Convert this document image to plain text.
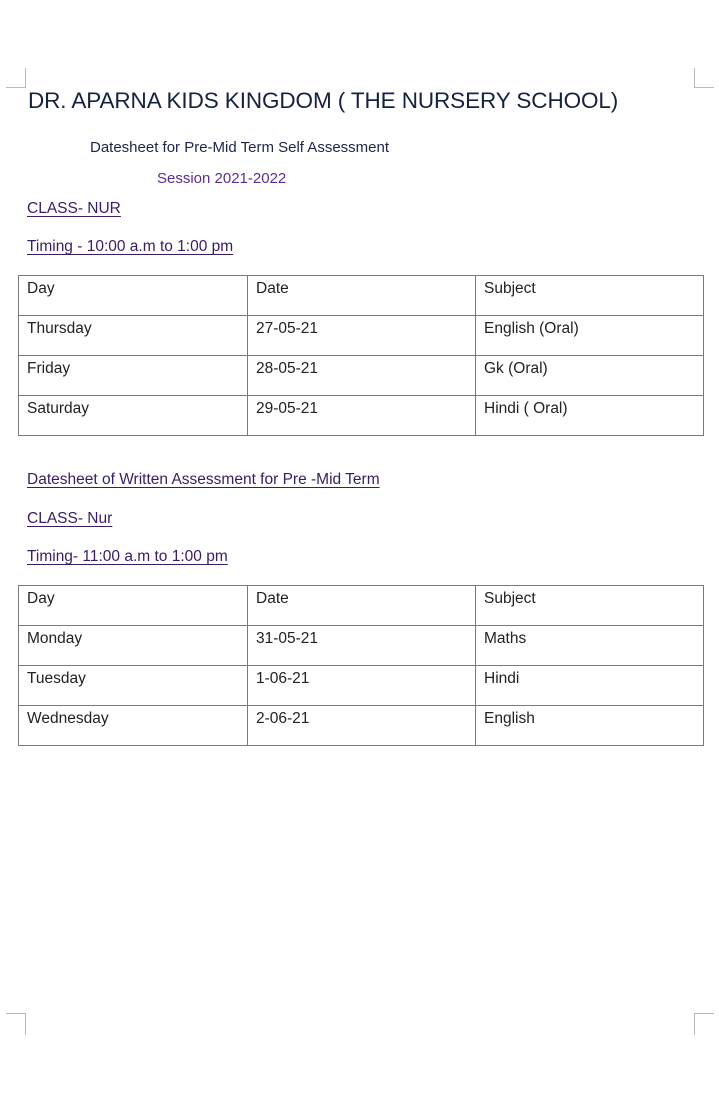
DR. APARNA KIDS KINGDOM ( THE NURSERY SCHOOL)
Datesheet for Pre-Mid Term Self Assessment
Session 2021-2022
CLASS- NUR
Timing - 10:00 a.m to 1:00 pm
Day	Date	Subject
Thursday	27-05-21	English (Oral)
Friday	28-05-21	Gk (Oral)
Saturday	29-05-21	Hindi ( Oral)
Datesheet of Written Assessment for Pre -Mid Term
CLASS- Nur
Timing- 11:00 a.m to 1:00 pm
Day	Date	Subject
Monday	31-05-21	Maths
Tuesday	1-06-21	Hindi
Wednesday	2-06-21	English
